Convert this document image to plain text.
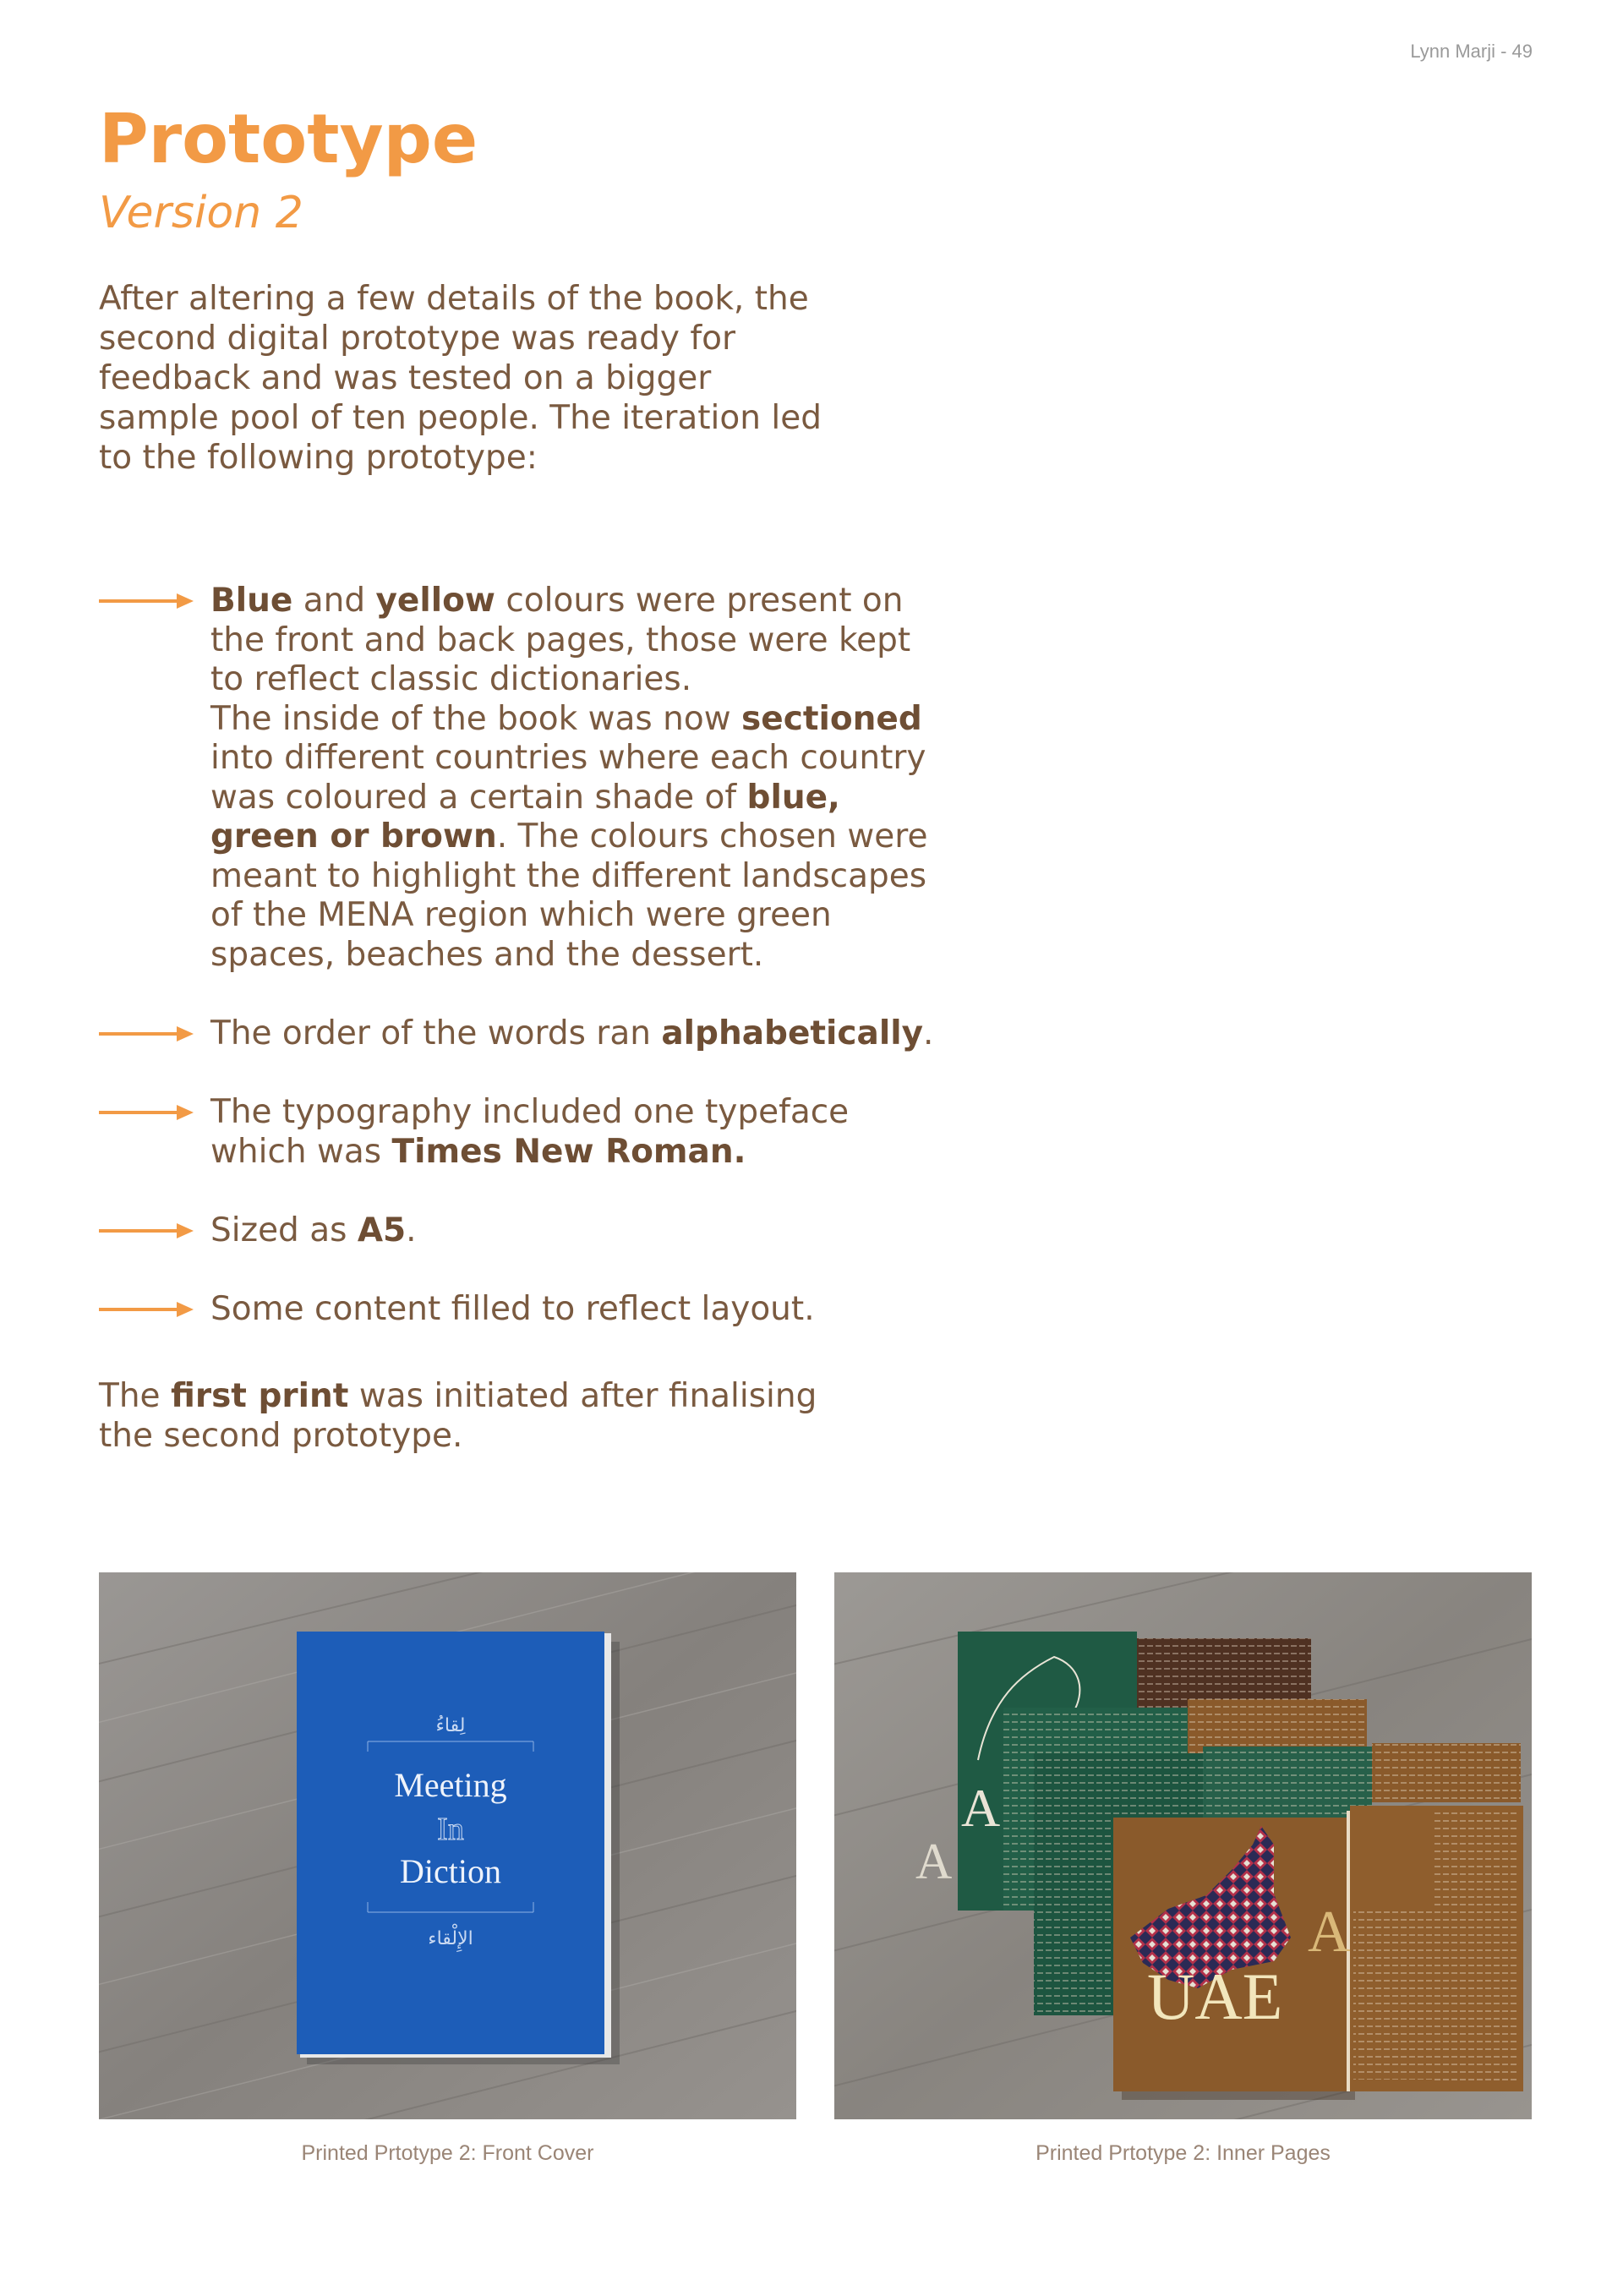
Lynn Marji - 49
Prototype
Version 2

After altering a few details of the book, the second digital prototype was ready for feedback and was tested on a bigger sample pool of ten people. The iteration led to the following prototype:

Blue and yellow colours were present on the front and back pages, those were kept to reflect classic dictionaries.
The inside of the book was now sectioned into different countries where each country was coloured a certain shade of blue, green or brown. The colours chosen were meant to highlight the different landscapes of the MENA region which were green spaces, beaches and the dessert.
The order of the words ran alphabetically.
The typography included one typeface which was Times New Roman.
Sized as A5.
Some content filled to reflect layout.

The first print was initiated after finalising the second prototype.

لِقاءُ
Meeting
In
Diction
الإِلْقاء
A
UAE
A
A
Printed Prtotype 2: Front Cover	Printed Prtotype 2: Inner Pages
